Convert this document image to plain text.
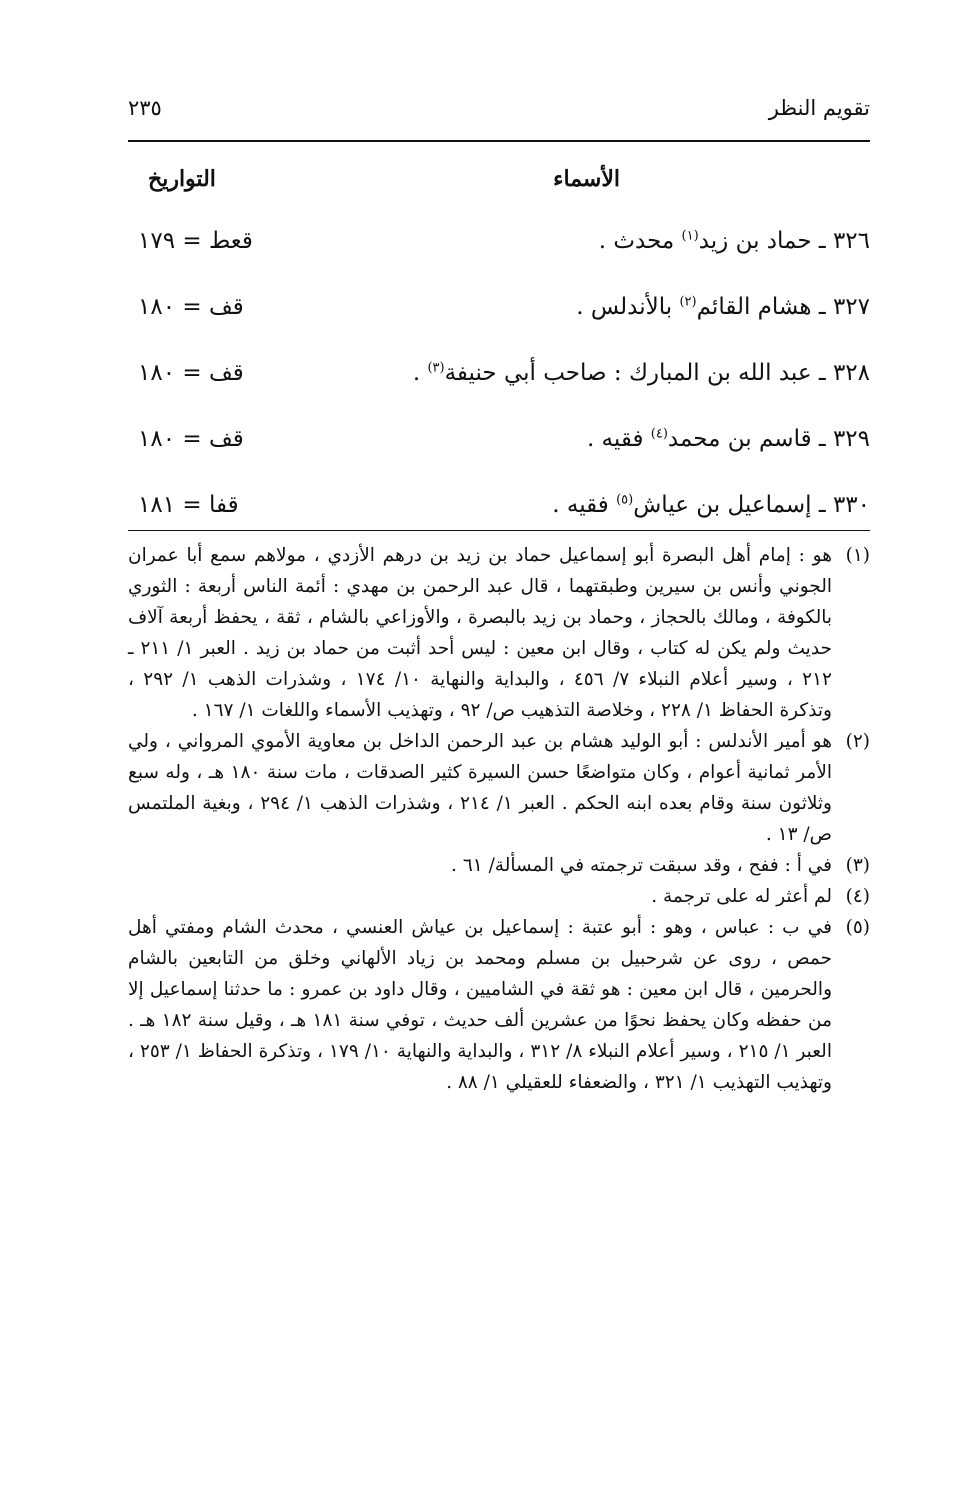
تقويم النظر
٢٣٥
الأسماء
التواريخ
٣٢٦ ـ حماد بن زيد$^{(١)}$ محدث .
قعط = ١٧٩
٣٢٧ ـ هشام القائم$^{(٢)}$ بالأندلس .
قف = ١٨٠
٣٢٨ ـ عبد الله بن المبارك : صاحب أبي حنيفة$^{(٣)}$ .
قف = ١٨٠
٣٢٩ ـ قاسم بن محمد$^{(٤)}$ فقيه .
قف = ١٨٠
٣٣٠ ـ إسماعيل بن عياش$^{(٥)}$ فقيه .
قفا = ١٨١
(١)
هو : إمام أهل البصرة أبو إسماعيل حماد بن زيد بن درهم الأزدي ، مولاهم سمع أبا عمران الجوني وأنس بن سيرين وطبقتهما ، قال عبد الرحمن بن مهدي : أئمة الناس أربعة : الثوري بالكوفة ، ومالك بالحجاز ، وحماد بن زيد بالبصرة ، والأوزاعي بالشام ، ثقة ، يحفظ أربعة آلاف حديث ولم يكن له كتاب ، وقال ابن معين : ليس أحد أثبت من حماد بن زيد . العبر ١/ ٢١١ ـ ٢١٢ ، وسير أعلام النبلاء ٧/ ٤٥٦ ، والبداية والنهاية ١٠/ ١٧٤ ، وشذرات الذهب ١/ ٢٩٢ ، وتذكرة الحفاظ ١/ ٢٢٨ ، وخلاصة التذهيب ص/ ٩٢ ، وتهذيب الأسماء واللغات ١/ ١٦٧ .
(٢)
هو أمير الأندلس : أبو الوليد هشام بن عبد الرحمن الداخل بن معاوية الأموي المرواني ، ولي الأمر ثمانية أعوام ، وكان متواضعًا حسن السيرة كثير الصدقات ، مات سنة ١٨٠ هـ ، وله سبع وثلاثون سنة وقام بعده ابنه الحكم . العبر ١/ ٢١٤ ، وشذرات الذهب ١/ ٢٩٤ ، وبغية الملتمس ص/ ١٣ .
(٣)
في أ : ففح ، وقد سبقت ترجمته في المسألة/ ٦١ .
(٤)
لم أعثر له على ترجمة .
(٥)
في ب : عباس ، وهو : أبو عتبة : إسماعيل بن عياش العنسي ، محدث الشام ومفتي أهل حمص ، روى عن شرحبيل بن مسلم ومحمد بن زياد الألهاني وخلق من التابعين بالشام والحرمين ، قال ابن معين : هو ثقة في الشاميين ، وقال داود بن عمرو : ما حدثنا إسماعيل إلا من حفظه وكان يحفظ نحوًا من عشرين ألف حديث ، توفي سنة ١٨١ هـ ، وقيل سنة ١٨٢ هـ . العبر ١/ ٢١٥ ، وسير أعلام النبلاء ٨/ ٣١٢ ، والبداية والنهاية ١٠/ ١٧٩ ، وتذكرة الحفاظ ١/ ٢٥٣ ، وتهذيب التهذيب ١/ ٣٢١ ، والضعفاء للعقيلي ١/ ٨٨ .
